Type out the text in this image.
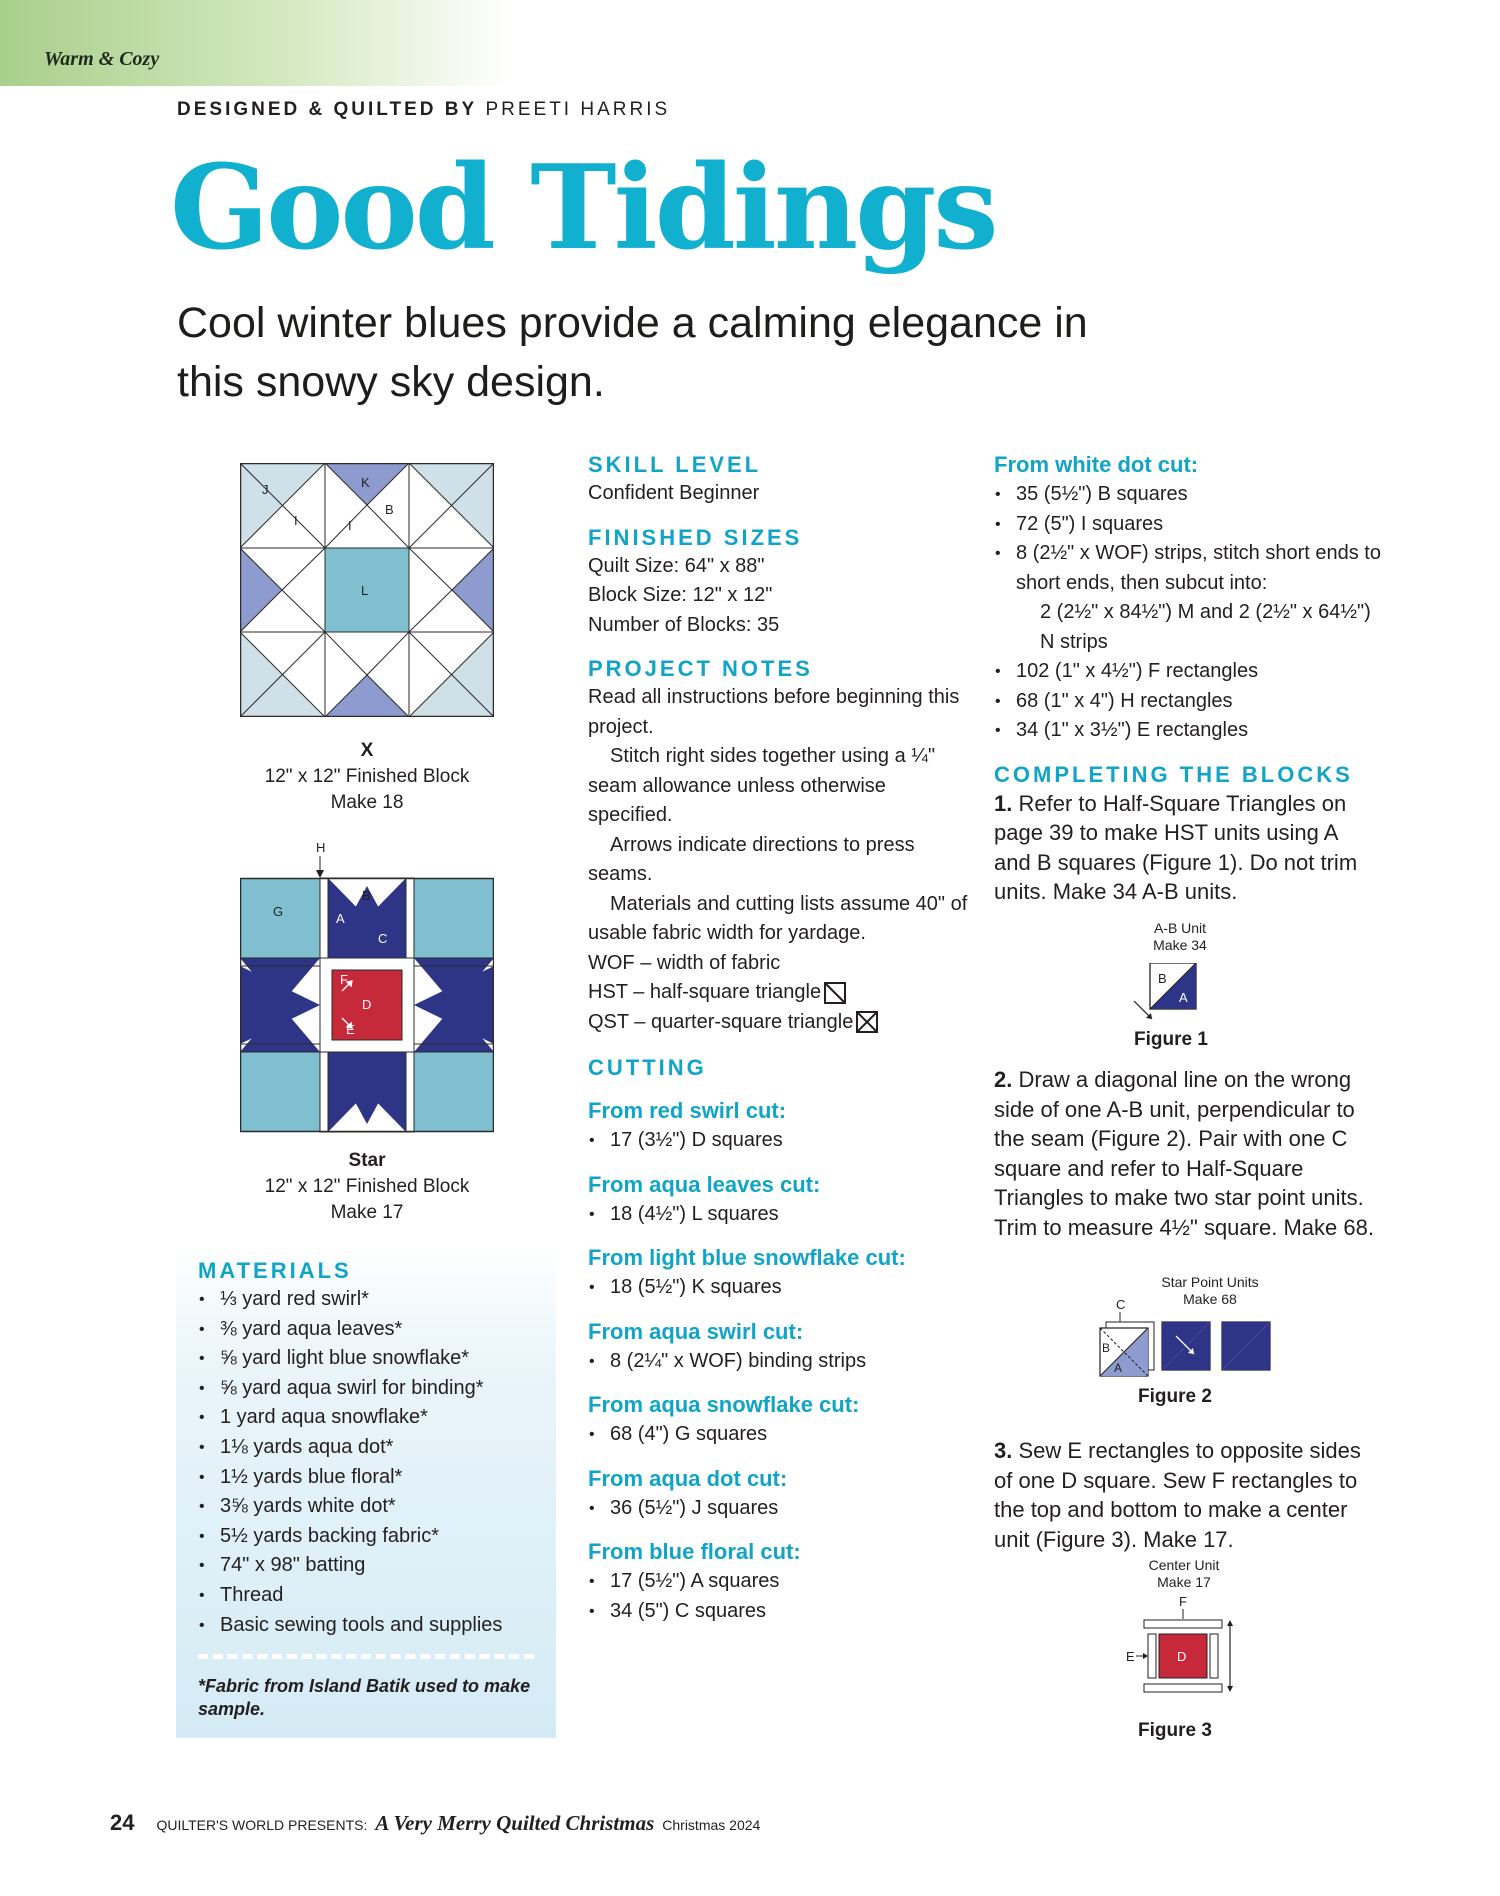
Warm & Cozy
DESIGNED & QUILTED BY PREETI HARRIS
Good Tidings
Cool winter blues provide a calming elegance in this snowy sky design.
J	K
B
I	I
L
X
12" x 12" Finished Block
Make 18
H
G
B
A
C
F
D
E
Star
12" x 12" Finished Block
Make 17
MATERIALS
• ⅓ yard red swirl*
• ⅜ yard aqua leaves*
• ⅝ yard light blue snowflake*
• ⅝ yard aqua swirl for binding*
• 1 yard aqua snowflake*
• 1⅛ yards aqua dot*
• 1½ yards blue floral*
• 3⅝ yards white dot*
• 5½ yards backing fabric*
• 74" x 98" batting
• Thread
• Basic sewing tools and supplies
*Fabric from Island Batik used to make sample.
SKILL LEVEL

Confident Beginner

FINISHED SIZES

Quilt Size: 64" x 88"

Block Size: 12" x 12"

Number of Blocks: 35

PROJECT NOTES

Read all instructions before beginning this project.

Stitch right sides together using a ¼" seam allowance unless otherwise specified.

Arrows indicate directions to press seams.

Materials and cutting lists assume 40" of usable fabric width for yardage.

WOF – width of fabric

HST – half-square triangle

QST – quarter-square triangle

CUTTING
From red swirl cut:
• 17 (3½") D squares
From aqua leaves cut:
• 18 (4½") L squares
From light blue snowflake cut:
• 18 (5½") K squares
From aqua swirl cut:
• 8 (2¼" x WOF) binding strips
From aqua snowflake cut:
• 68 (4") G squares
From aqua dot cut:
• 36 (5½") J squares
From blue floral cut:
• 17 (5½") A squares
• 34 (5") C squares
From white dot cut:
• 35 (5½") B squares
• 72 (5") I squares
• 8 (2½" x WOF) strips, stitch short ends to short ends, then subcut into:

2 (2½" x 84½") M and 2 (2½" x 64½") N strips

• 102 (1" x 4½") F rectangles
• 68 (1" x 4") H rectangles
• 34 (1" x 3½") E rectangles
COMPLETING THE BLOCKS

1. Refer to Half-Square Triangles on page 39 to make HST units using A and B squares (Figure 1). Do not trim units. Make 34 A-B units.

A-B Unit
Make 34
B
A
Figure 1

2. Draw a diagonal line on the wrong side of one A-B unit, perpendicular to the seam (Figure 2). Pair with one C square and refer to Half-Square Triangles to make two star point units. Trim to measure 4½" square. Make 68.

Star Point Units
Make 68
C
B
A
Figure 2

3. Sew E rectangles to opposite sides of one D square. Sew F rectangles to the top and bottom to make a center unit (Figure 3). Make 17.

Center Unit
Make 17
F
D
E
Figure 3
24 QUILTER'S WORLD PRESENTS: A Very Merry Quilted Christmas Christmas 2024
